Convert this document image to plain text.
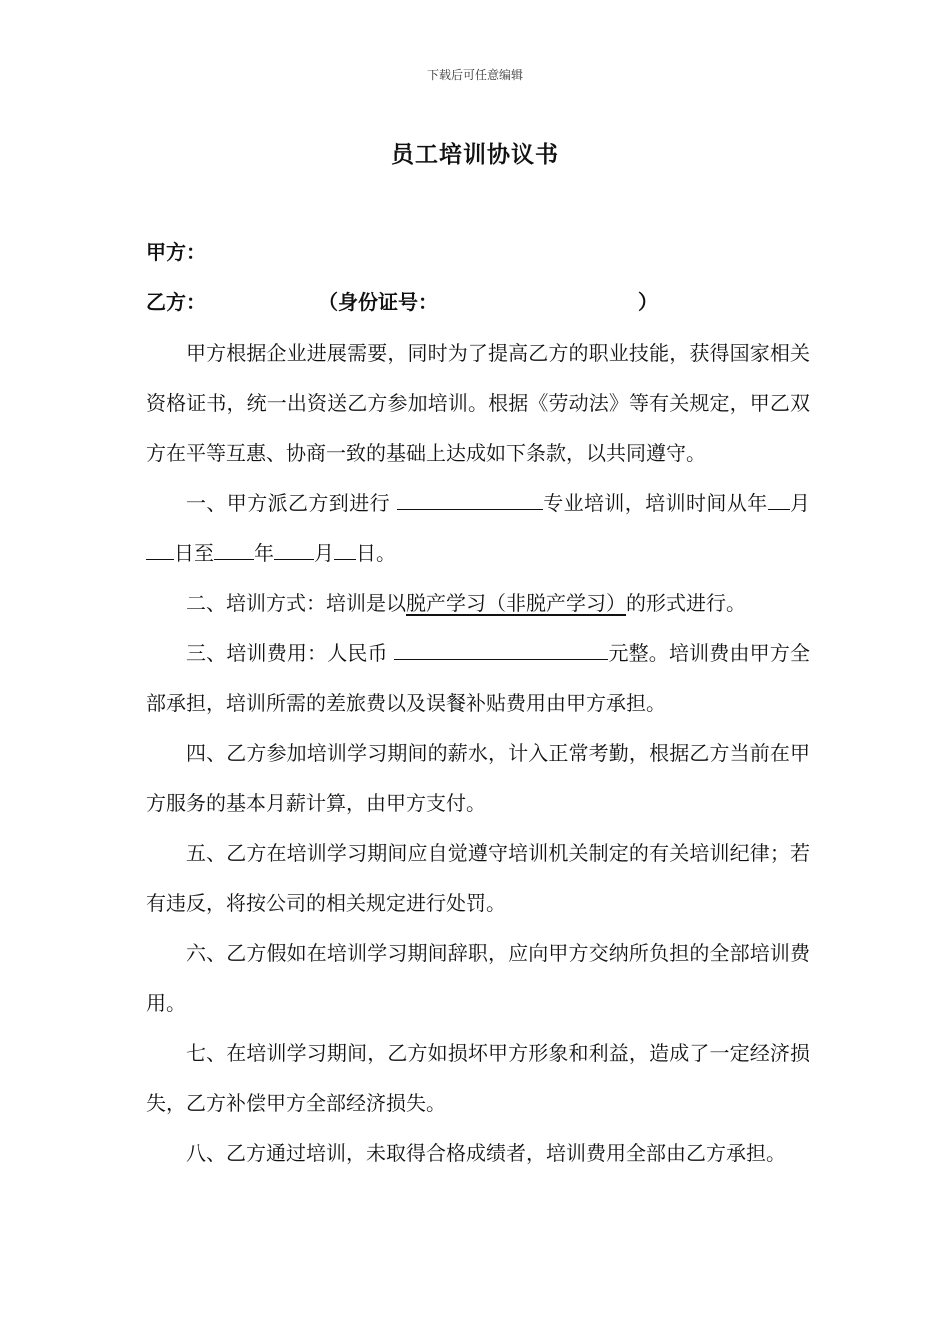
下载后可任意编辑
员工培训协议书
甲方：
乙方：	（身份证号：	）

甲方根据企业进展需要，同时为了提高乙方的职业技能，获得国家相关资格证书，统一出资送乙方参加培训。根据《劳动法》等有关规定，甲乙双方在平等互惠、协商一致的基础上达成如下条款，以共同遵守。

一、甲方派乙方到进行	专业培训，培训时间从年 月日至 年 月 日。

二、培训方式：培训是以脱产学习（非脱产学习）的形式进行。

三、培训费用：人民币	元整。培训费由甲方全部承担，培训所需的差旅费以及误餐补贴费用由甲方承担。

四、乙方参加培训学习期间的薪水，计入正常考勤，根据乙方当前在甲方服务的基本月薪计算，由甲方支付。

五、乙方在培训学习期间应自觉遵守培训机关制定的有关培训纪律；若有违反，将按公司的相关规定进行处罚。

六、乙方假如在培训学习期间辞职，应向甲方交纳所负担的全部培训费用。

七、在培训学习期间，乙方如损坏甲方形象和利益，造成了一定经济损失，乙方补偿甲方全部经济损失。

八、乙方通过培训，未取得合格成绩者，培训费用全部由乙方承担。
